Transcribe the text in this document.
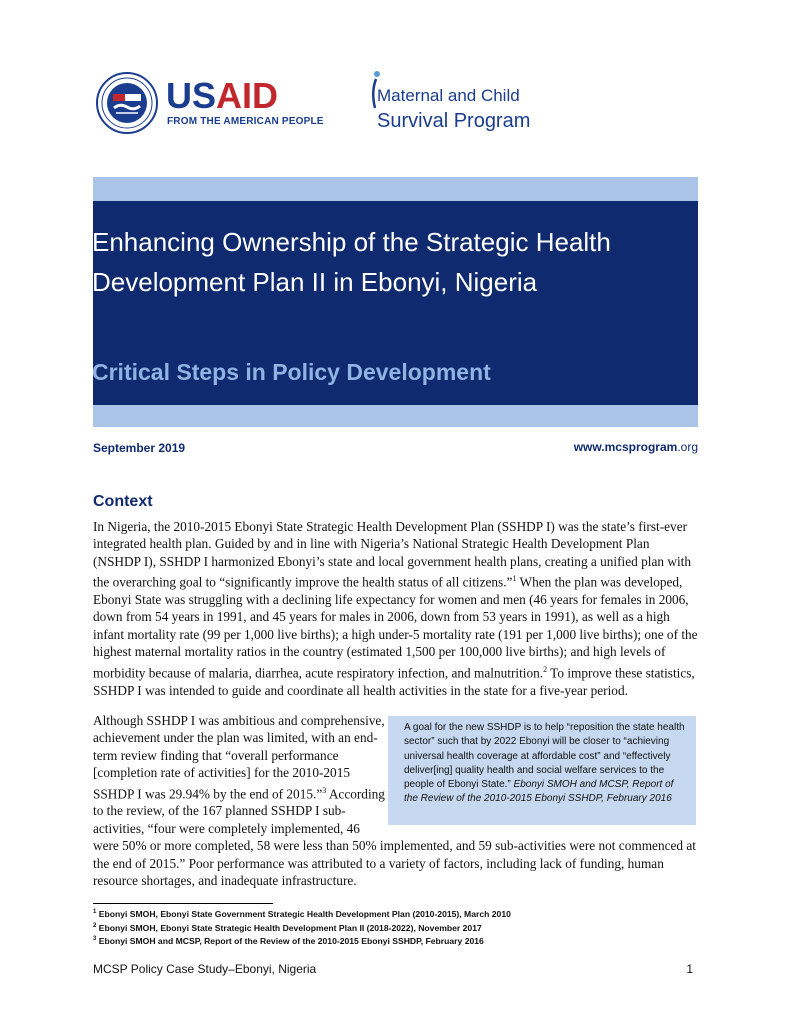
USAID
FROM THE AMERICAN PEOPLE
Maternal and Child
Survival Program
Enhancing Ownership of the Strategic Health Development Plan II in Ebonyi, Nigeria
Critical Steps in Policy Development
September 2019	www.mcsprogram.org
Context

In Nigeria, the 2010-2015 Ebonyi State Strategic Health Development Plan (SSHDP I) was the state’s first-ever integrated health plan. Guided by and in line with Nigeria’s National Strategic Health Development Plan (NSHDP I), SSHDP I harmonized Ebonyi’s state and local government health plans, creating a unified plan with the overarching goal to “significantly improve the health status of all citizens.”$^1$ When the plan was developed, Ebonyi State was struggling with a declining life expectancy for women and men (46 years for females in 2006, down from 54 years in 1991, and 45 years for males in 2006, down from 53 years in 1991), as well as a high infant mortality rate (99 per 1,000 live births); a high under-5 mortality rate (191 per 1,000 live births); one of the highest maternal mortality ratios in the country (estimated 1,500 per 100,000 live births); and high levels of morbidity because of malaria, diarrhea, acute respiratory infection, and malnutrition.$^2$ To improve these statistics, SSHDP I was intended to guide and coordinate all health activities in the state for a five-year period.

Although SSHDP I was ambitious and comprehensive, achievement under the plan was limited, with an end-term review finding that “overall performance [completion rate of activities] for the 2010-2015 SSHDP I was 29.94% by the end of 2015.”$^3$ According to the review, of the 167 planned SSHDP I sub-activities, “four were completely implemented, 46 were 50% or more completed, 58 were less than 50% implemented, and 59 sub-activities were not commenced at the end of 2015.” Poor performance was attributed to a variety of factors, including lack of funding, human resource shortages, and inadequate infrastructure.

A goal for the new SSHDP is to help “reposition the state health sector” such that by 2022 Ebonyi will be closer to “achieving universal health coverage at affordable cost” and “effectively deliver[ing] quality health and social welfare services to the people of Ebonyi State.” Ebonyi SMOH and MCSP, Report of the Review of the 2010-2015 Ebonyi SSHDP, February 2016
$^1$ Ebonyi SMOH, Ebonyi State Government Strategic Health Development Plan (2010-2015), March 2010
$^2$ Ebonyi SMOH, Ebonyi State Strategic Health Development Plan II (2018-2022), November 2017
$^3$ Ebonyi SMOH and MCSP, Report of the Review of the 2010-2015 Ebonyi SSHDP, February 2016
MCSP Policy Case Study–Ebonyi, Nigeria	1
